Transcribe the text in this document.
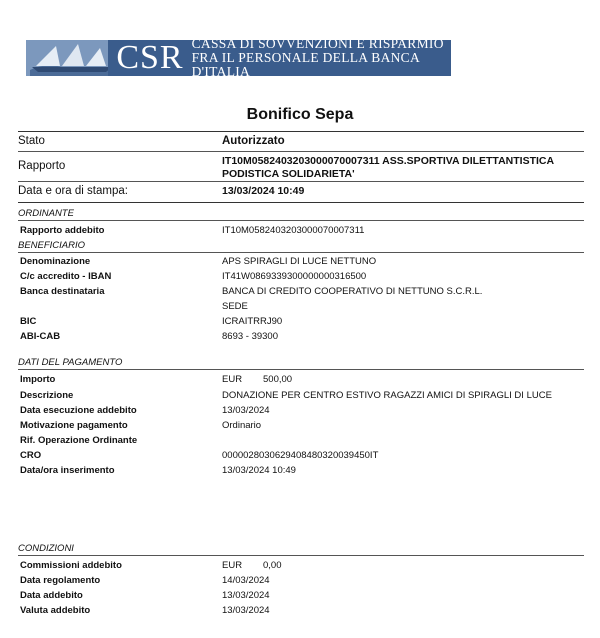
CSR CASSA DI SOVVENZIONI E RISPARMIO
FRA IL PERSONALE DELLA BANCA D'ITALIA
Bonifico Sepa
Stato	Autorizzato
Rapporto	IT10M0582403203000070007311 ASS.SPORTIVA DILETTANTISTICA
PODISTICA SOLIDARIETA'
Data e ora di stampa:	13/03/2024 10:49
ORDINANTE
Rapporto addebito	IT10M0582403203000070007311
BENEFICIARIO
Denominazione	APS SPIRAGLI DI LUCE NETTUNO
C/c accredito - IBAN	IT41W0869339300000000316500
Banca destinataria	BANCA DI CREDITO COOPERATIVO DI NETTUNO S.C.R.L.
SEDE
BIC	ICRAITRRJ90
ABI-CAB	8693 - 39300
DATI DEL PAGAMENTO
Importo	EUR 500,00
Descrizione	DONAZIONE PER CENTRO ESTIVO RAGAZZI AMICI DI SPIRAGLI DI LUCE
Data esecuzione addebito	13/03/2024
Motivazione pagamento	Ordinario
Rif. Operazione Ordinante
CRO	0000028030629408480320039450IT
Data/ora inserimento	13/03/2024 10:49
CONDIZIONI
Commissioni addebito	EUR 0,00
Data regolamento	14/03/2024
Data addebito	13/03/2024
Valuta addebito	13/03/2024
